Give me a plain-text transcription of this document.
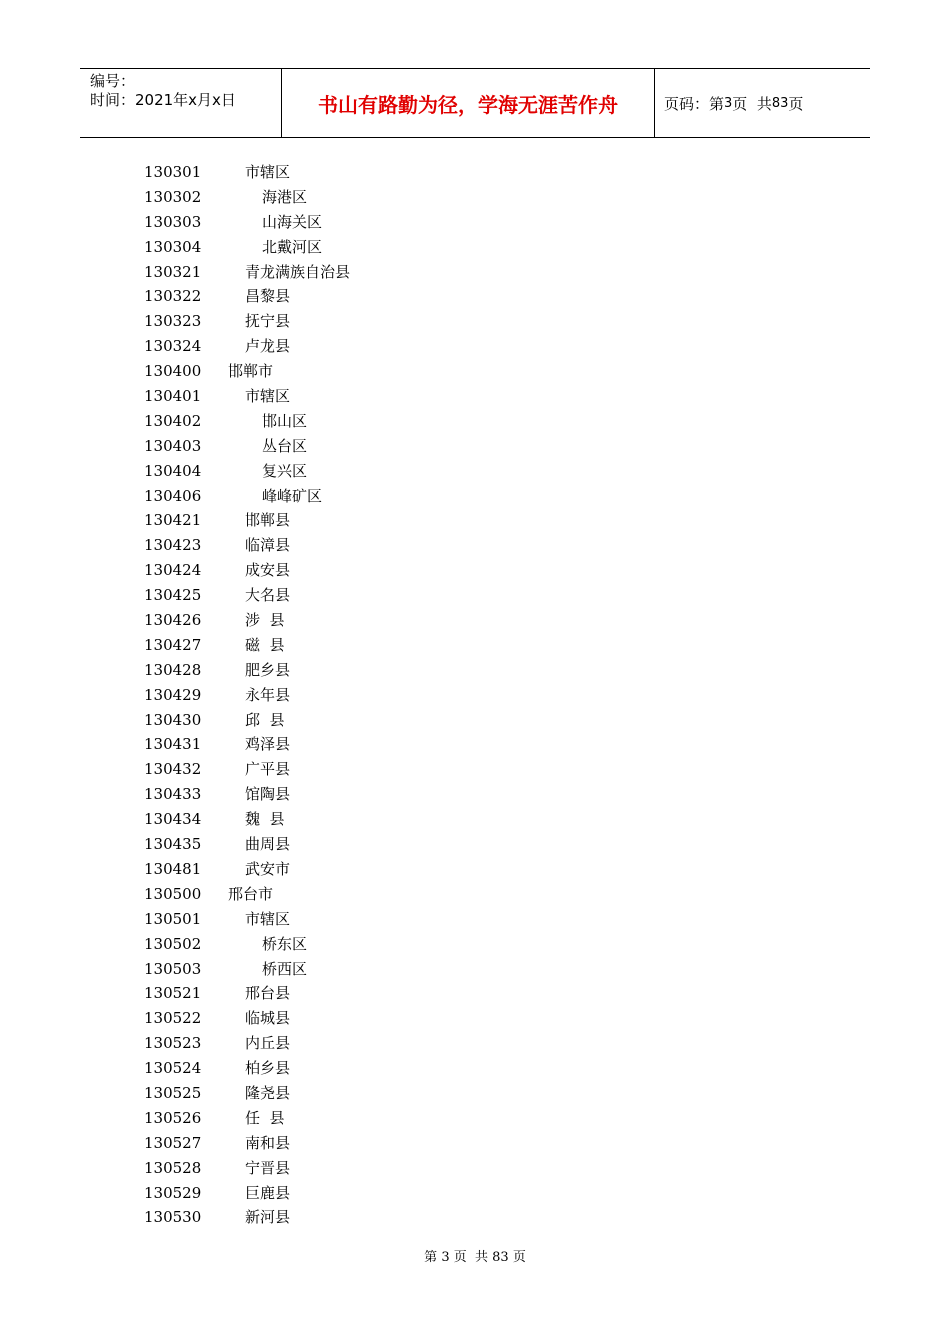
编号：
时间：2021年x月x日	书山有路勤为径，学海无涯苦作舟	页码：第 3 页  共 83 页
130301	市辖区
130302	海港区
130303	山海关区
130304	北戴河区
130321	青龙满族自治县
130322	昌黎县
130323	抚宁县
130324	卢龙县
130400 邯郸市
130401	市辖区
130402	邯山区
130403	丛台区
130404	复兴区
130406	峰峰矿区
130421	邯郸县
130423	临漳县
130424	成安县
130425	大名县
130426	涉  县
130427	磁  县
130428	肥乡县
130429	永年县
130430	邱  县
130431	鸡泽县
130432	广平县
130433	馆陶县
130434	魏  县
130435	曲周县
130481	武安市
130500 邢台市
130501	市辖区
130502	桥东区
130503	桥西区
130521	邢台县
130522	临城县
130523	内丘县
130524	柏乡县
130525	隆尧县
130526	任  县
130527	南和县
130528	宁晋县
130529	巨鹿县
130530	新河县
第 3 页  共 83 页
